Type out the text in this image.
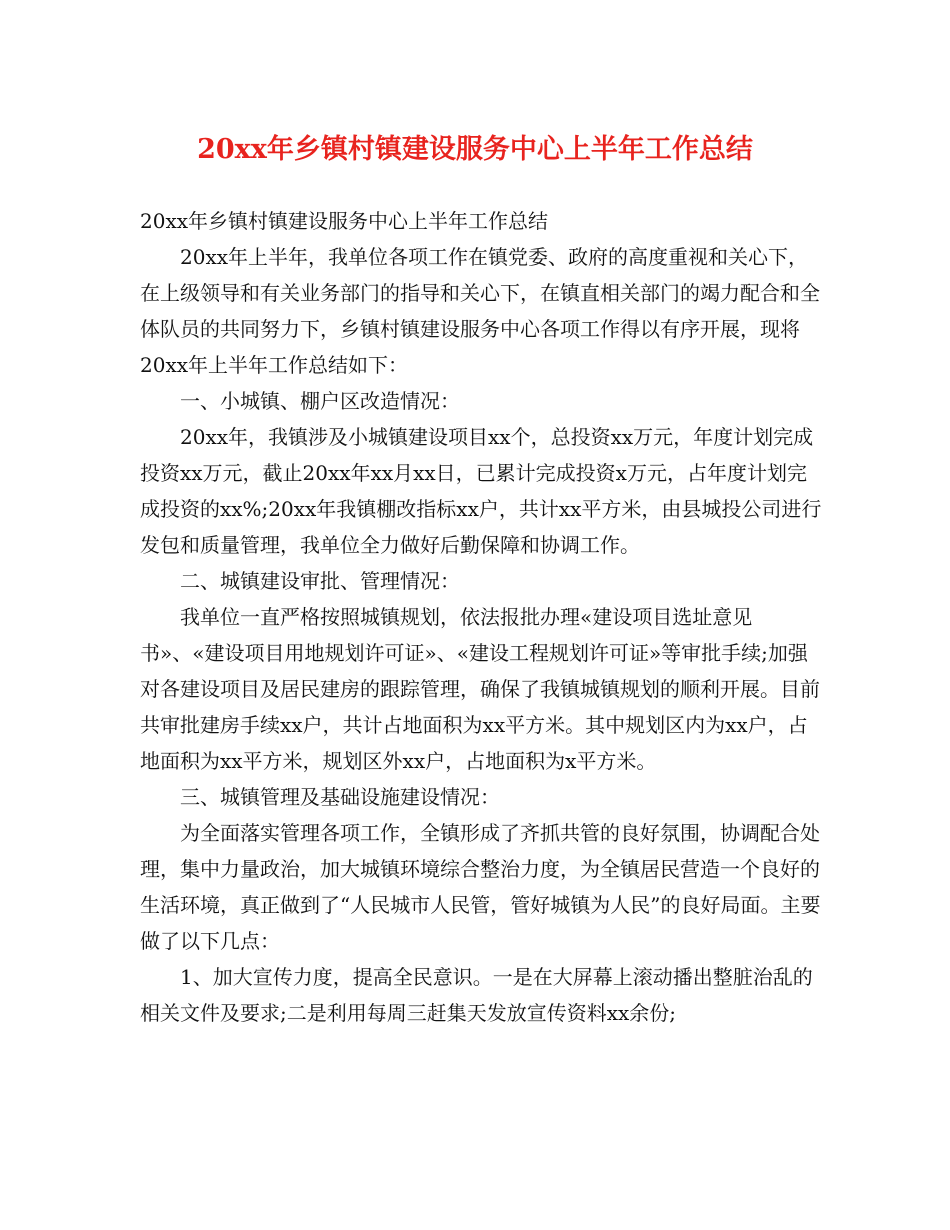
20xx年乡镇村镇建设服务中心上半年工作总结

20xx年乡镇村镇建设服务中心上半年工作总结

20xx年上半年，我单位各项工作在镇党委、政府的高度重视和关心下，在上级领导和有关业务部门的指导和关心下，在镇直相关部门的竭力配合和全体队员的共同努力下，乡镇村镇建设服务中心各项工作得以有序开展，现将20xx年上半年工作总结如下：

一、小城镇、棚户区改造情况：

20xx年，我镇涉及小城镇建设项目xx个，总投资xx万元，年度计划完成投资xx万元，截止20xx年xx月xx日，已累计完成投资x万元，占年度计划完成投资的xx%;20xx年我镇棚改指标xx户，共计xx平方米，由县城投公司进行发包和质量管理，我单位全力做好后勤保障和协调工作。

二、城镇建设审批、管理情况：

我单位一直严格按照城镇规划，依法报批办理«建设项目选址意见书»、«建设项目用地规划许可证»、«建设工程规划许可证»等审批手续;加强对各建设项目及居民建房的跟踪管理，确保了我镇城镇规划的顺利开展。目前共审批建房手续xx户，共计占地面积为xx平方米。其中规划区内为xx户，占地面积为xx平方米，规划区外xx户，占地面积为x平方米。

三、城镇管理及基础设施建设情况：

为全面落实管理各项工作，全镇形成了齐抓共管的良好氛围，协调配合处理，集中力量政治，加大城镇环境综合整治力度，为全镇居民营造一个良好的生活环境，真正做到了“人民城市人民管，管好城镇为人民”的良好局面。主要做了以下几点：

1、加大宣传力度，提高全民意识。一是在大屏幕上滚动播出整脏治乱的相关文件及要求;二是利用每周三赶集天发放宣传资料xx余份;
